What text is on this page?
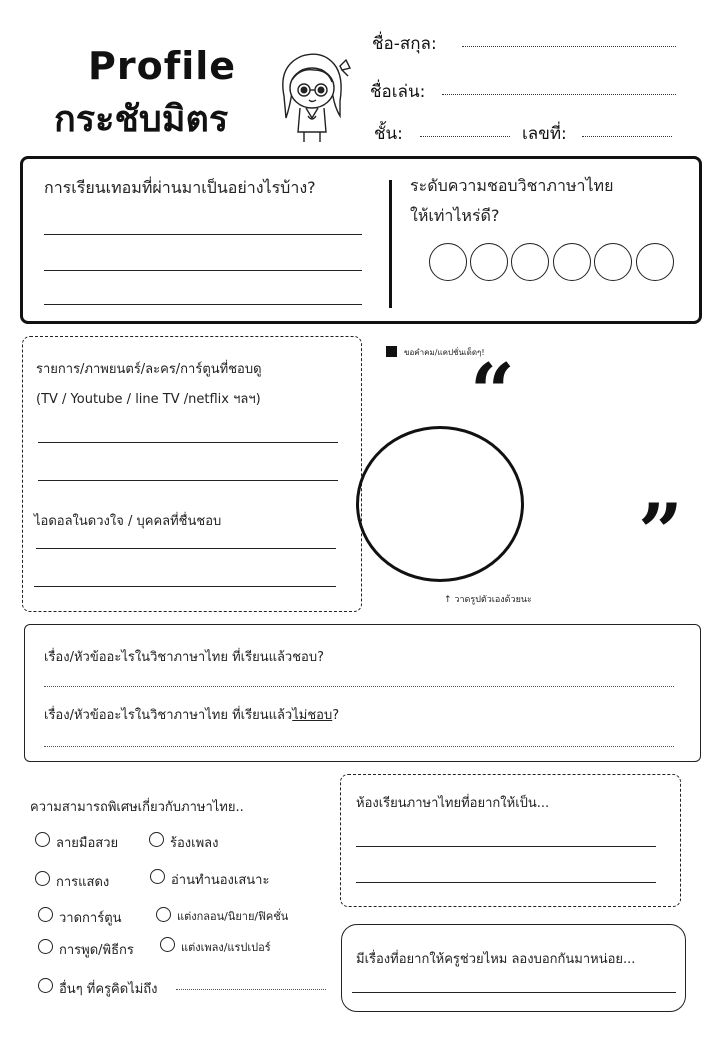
Profile
กระชับมิตร
ชื่อ-สกุล:
ชื่อเล่น:
ชั้น:	เลขที่:
การเรียนเทอมที่ผ่านมาเป็นอย่างไรบ้าง?	ระดับความชอบวิชาภาษาไทย
ให้เท่าไหร่ดี?
รายการ/ภาพยนตร์/ละคร/การ์ตูนที่ชอบดู
(TV / Youtube / line TV /netflix ฯลฯ)
ไอดอลในดวงใจ / บุคคลที่ชื่นชอบ
ขอคำคม/แคปชั่นเด็ดๆ!
“
”
↑ วาดรูปตัวเองด้วยนะ
เรื่อง/หัวข้ออะไรในวิชาภาษาไทย ที่เรียนแล้วชอบ?
เรื่อง/หัวข้ออะไรในวิชาภาษาไทย ที่เรียนแล้วไม่ชอบ?
ความสามารถพิเศษเกี่ยวกับภาษาไทย..
ลายมือสวย	ร้องเพลง
การแสดง	อ่านทำนองเสนาะ
วาดการ์ตูน	แต่งกลอน/นิยาย/ฟิคชั่น
การพูด/พิธีกร	แต่งเพลง/แรปเปอร์
อื่นๆ ที่ครูคิดไม่ถึง
ห้องเรียนภาษาไทยที่อยากให้เป็น...
มีเรื่องที่อยากให้ครูช่วยไหม ลองบอกกันมาหน่อย...
